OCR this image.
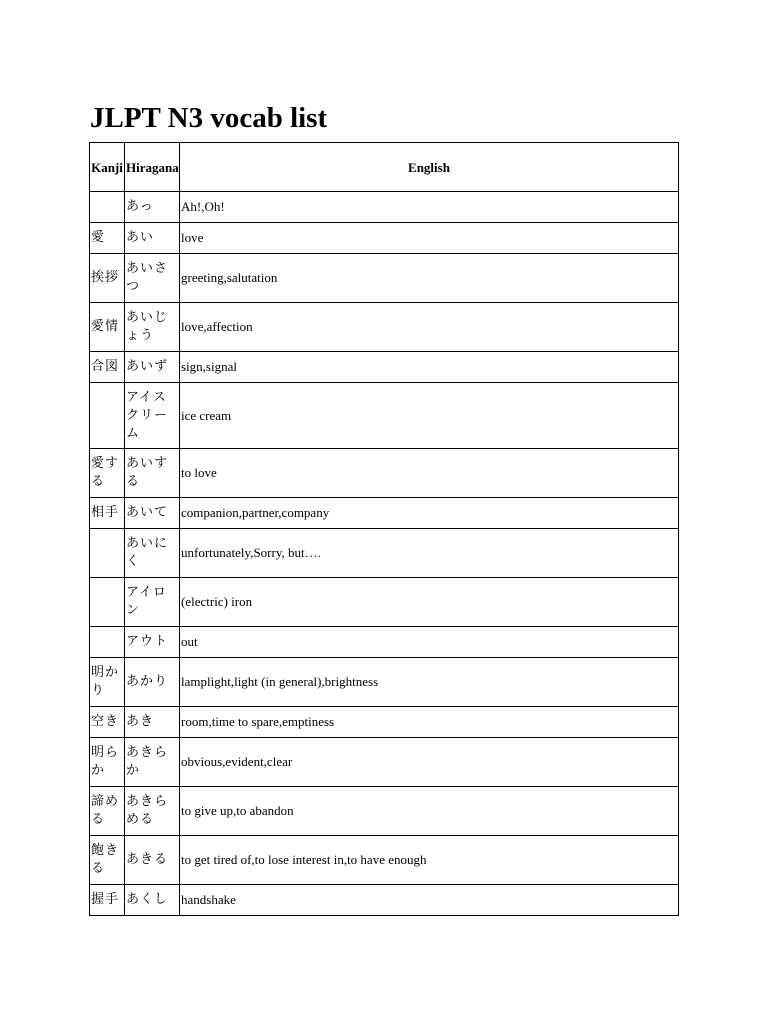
JLPT N3 vocab list
Kanji	Hiragana	English
	あっ	Ah!,Oh!
愛	あい	love
挨拶	あいさつ	greeting,salutation
愛情	あいじょう	love,affection
合図	あいず	sign,signal
	アイスクリーム	ice cream
愛する	あいする	to love
相手	あいて	companion,partner,company
	あいにく	unfortunately,Sorry, but….
	アイロン	(electric) iron
	アウト	out
明かり	あかり	lamplight,light (in general),brightness
空き	あき	room,time to spare,emptiness
明らか	あきらか	obvious,evident,clear
諦める	あきらめる	to give up,to abandon
飽きる	あきる	to get tired of,to lose interest in,to have enough
握手	あくし	handshake
